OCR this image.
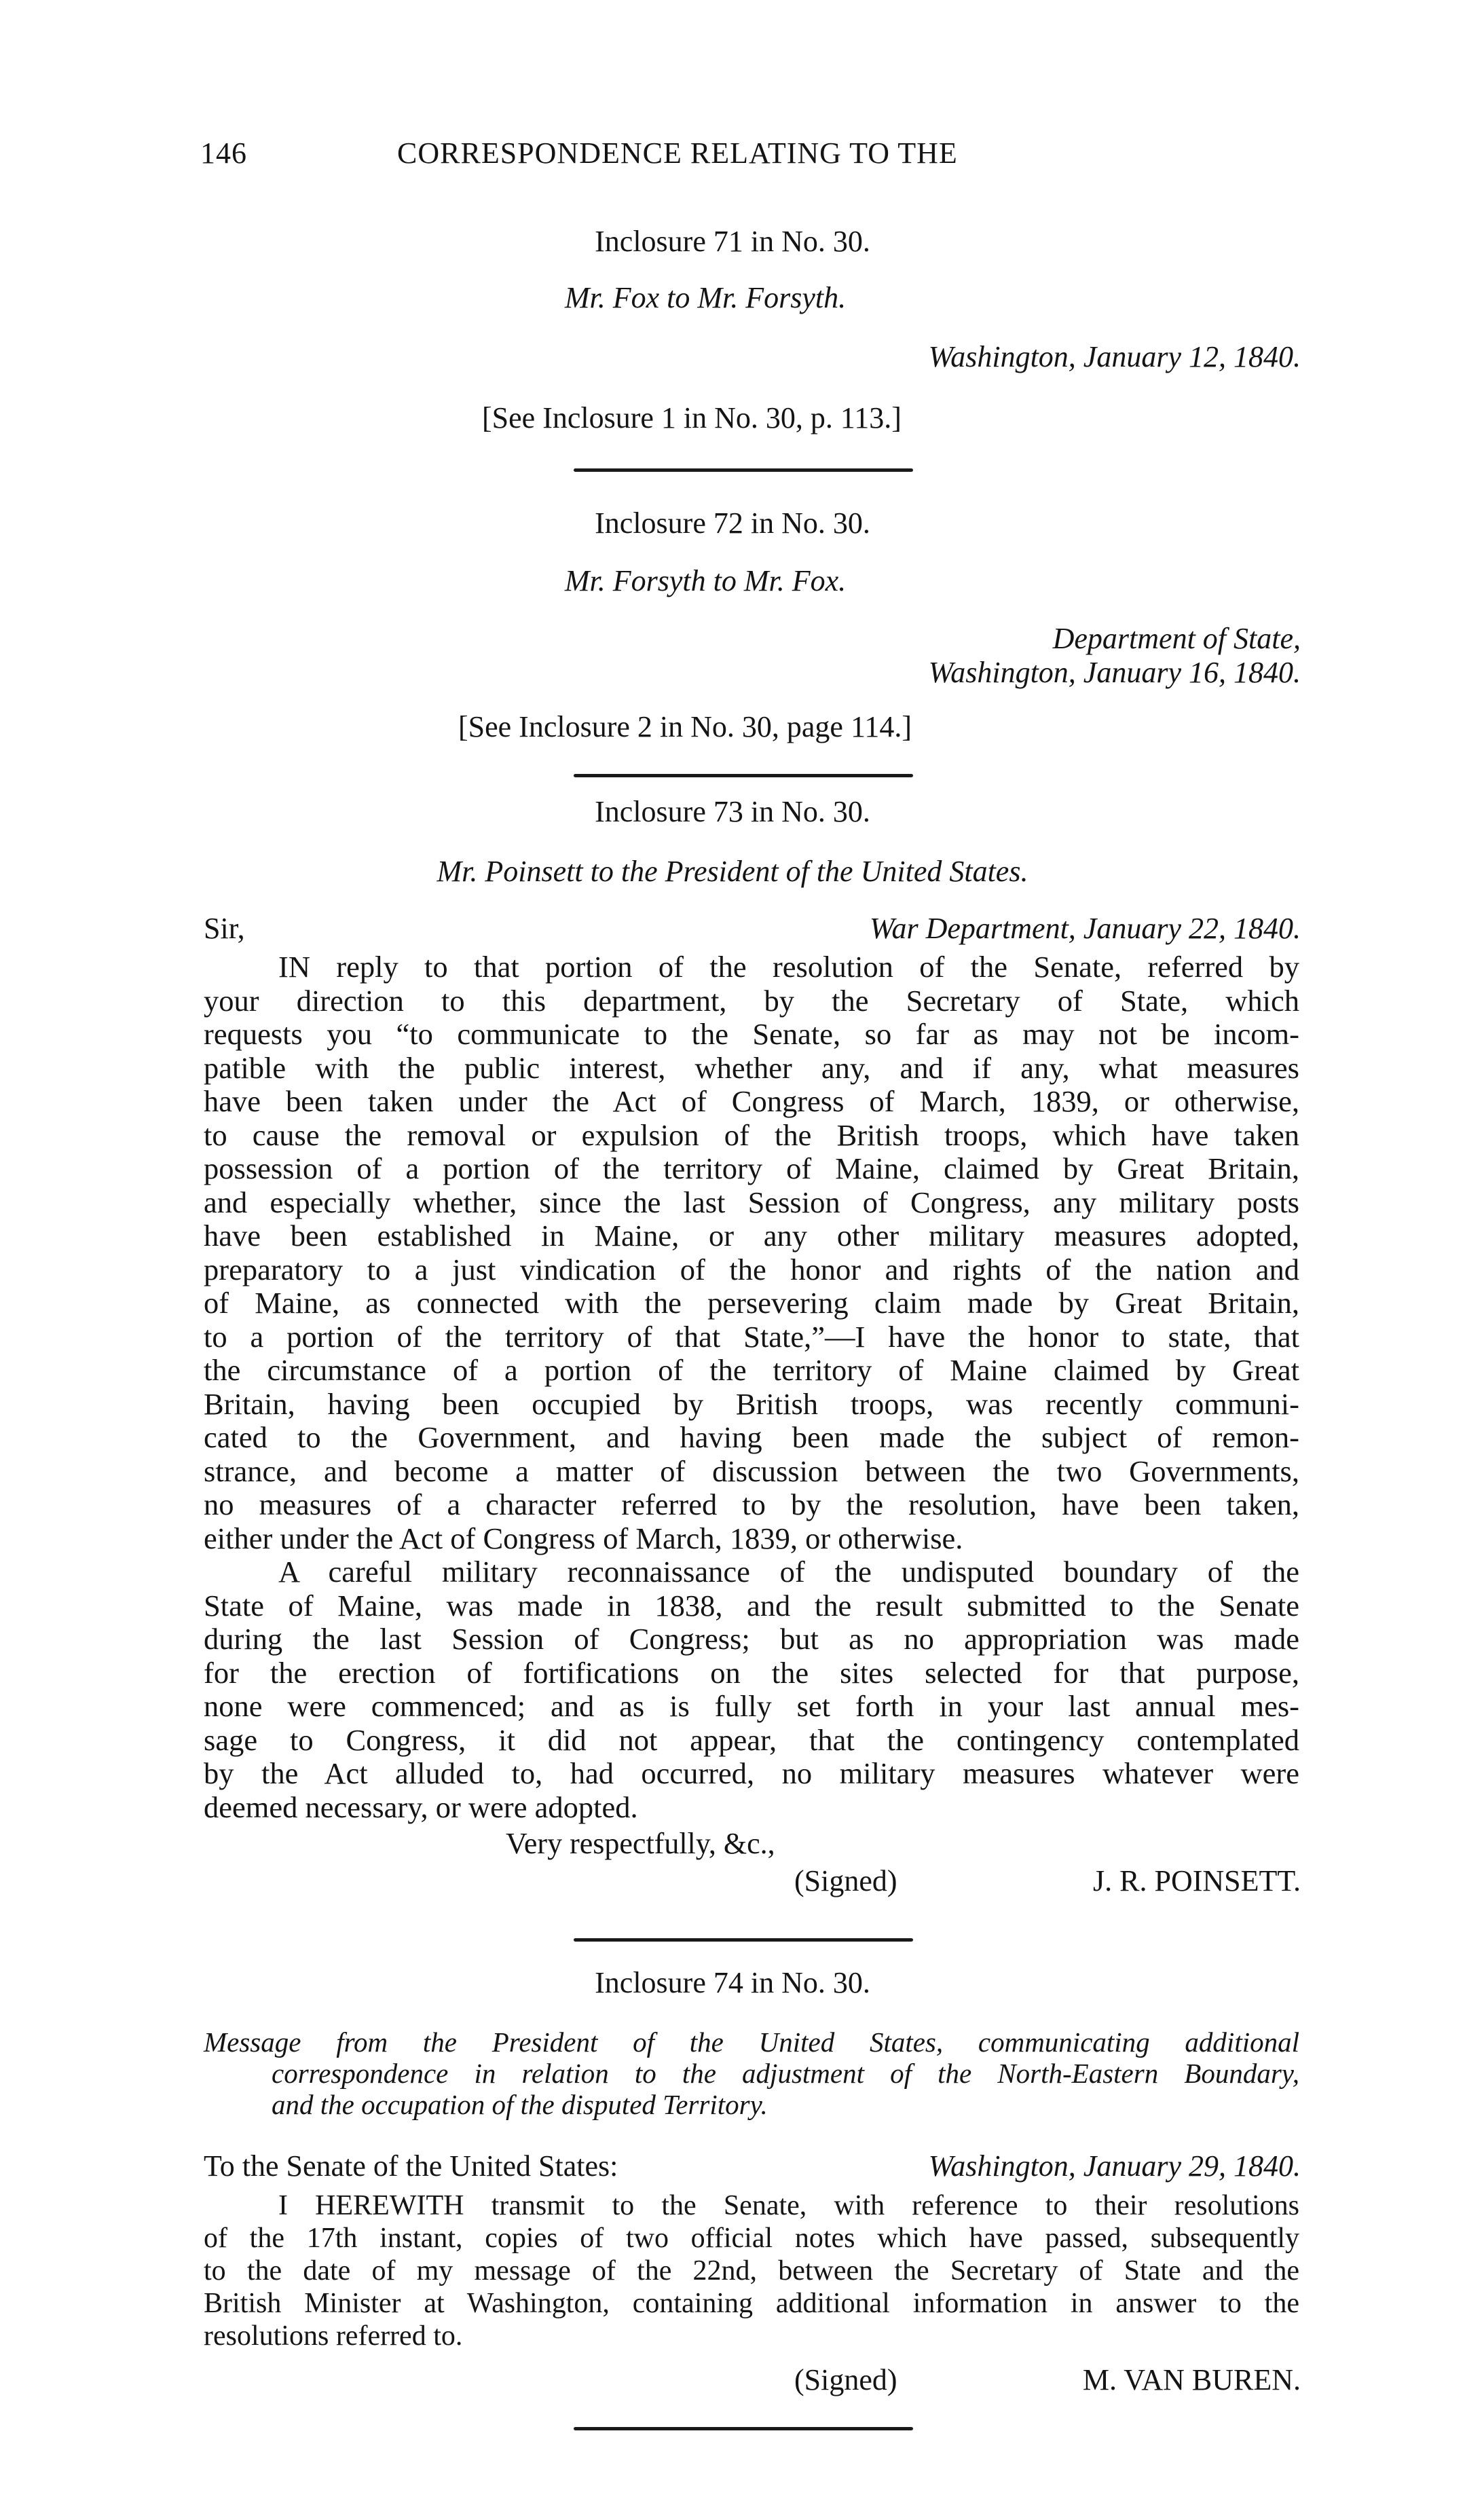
146	CORRESPONDENCE RELATING TO THE
Inclosure 71 in No. 30.
Mr. Fox to Mr. Forsyth.
Washington, January 12, 1840.
[See Inclosure 1 in No. 30, p. 113.]
Inclosure 72 in No. 30.
Mr. Forsyth to Mr. Fox.
Department of State,
Washington, January 16, 1840.
[See Inclosure 2 in No. 30, page 114.]
Inclosure 73 in No. 30.
Mr. Poinsett to the President of the United States.
Sir,	War Department, January 22, 1840.
IN reply to that portion of the resolution of the Senate, referred by
your direction to this department, by the Secretary of State, which
requests you “to communicate to the Senate, so far as may not be incom-
patible with the public interest, whether any, and if any, what measures
have been taken under the Act of Congress of March, 1839, or otherwise,
to cause the removal or expulsion of the British troops, which have taken
possession of a portion of the territory of Maine, claimed by Great Britain,
and especially whether, since the last Session of Congress, any military posts
have been established in Maine, or any other military measures adopted,
preparatory to a just vindication of the honor and rights of the nation and
of Maine, as connected with the persevering claim made by Great Britain,
to a portion of the territory of that State,”—I have the honor to state, that
the circumstance of a portion of the territory of Maine claimed by Great
Britain, having been occupied by British troops, was recently communi-
cated to the Government, and having been made the subject of remon-
strance, and become a matter of discussion between the two Governments,
no measures of a character referred to by the resolution, have been taken,
either under the Act of Congress of March, 1839, or otherwise.
A careful military reconnaissance of the undisputed boundary of the
State of Maine, was made in 1838, and the result submitted to the Senate
during the last Session of Congress; but as no appropriation was made
for the erection of fortifications on the sites selected for that purpose,
none were commenced; and as is fully set forth in your last annual mes-
sage to Congress, it did not appear, that the contingency contemplated
by the Act alluded to, had occurred, no military measures whatever were
deemed necessary, or were adopted.
Very respectfully, &c.,
(Signed)	J. R. POINSETT.
Inclosure 74 in No. 30.
Message from the President of the United States, communicating additional
correspondence in relation to the adjustment of the North-Eastern Boundary,
and the occupation of the disputed Territory.
To the Senate of the United States:	Washington, January 29, 1840.
I HEREWITH transmit to the Senate, with reference to their resolutions
of the 17th instant, copies of two official notes which have passed, subsequently
to the date of my message of the 22nd, between the Secretary of State and the
British Minister at Washington, containing additional information in answer to the
resolutions referred to.
(Signed)	M. VAN BUREN.
